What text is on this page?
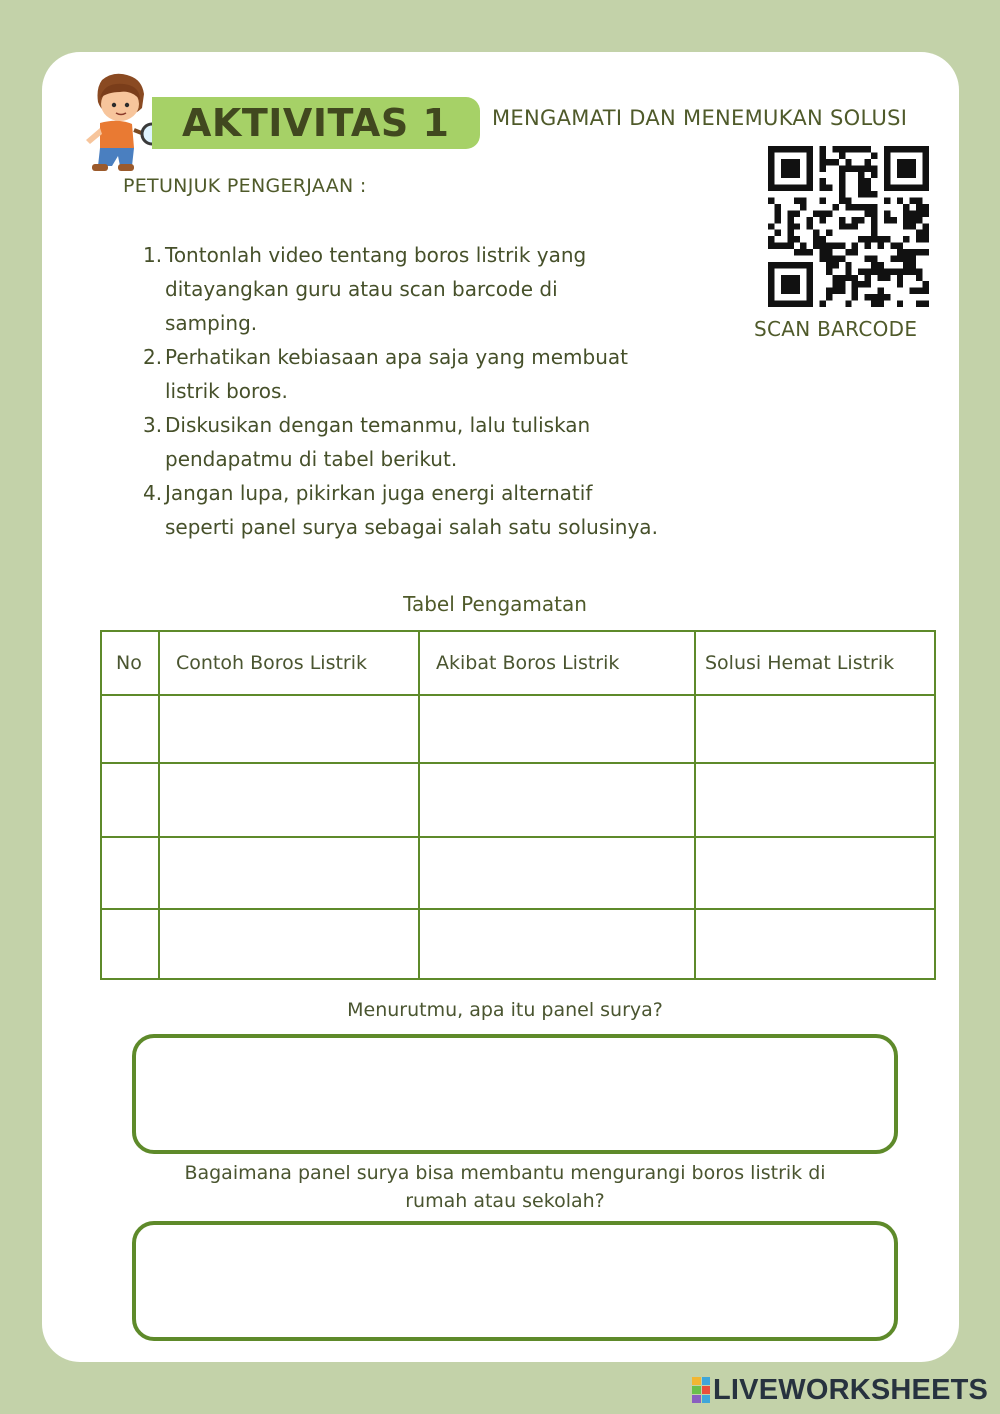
AKTIVITAS 1 MENGAMATI DAN MENEMUKAN SOLUSI
PETUNJUK PENGERJAAN :
1. Tontonlah video tentang boros listrik yang
ditayangkan guru atau scan barcode di
samping.
2. Perhatikan kebiasaan apa saja yang membuat
listrik boros.
3. Diskusikan dengan temanmu, lalu tuliskan
pendapatmu di tabel berikut.
4. Jangan lupa, pikirkan juga energi alternatif
seperti panel surya sebagai salah satu solusinya.
SCAN BARCODE
Tabel Pengamatan
No	Contoh Boros Listrik	Akibat Boros Listrik	Solusi Hemat Listrik

Menurutmu, apa itu panel surya?
Bagaimana panel surya bisa membantu mengurangi boros listrik di
rumah atau sekolah?
LIVEWORKSHEETS
